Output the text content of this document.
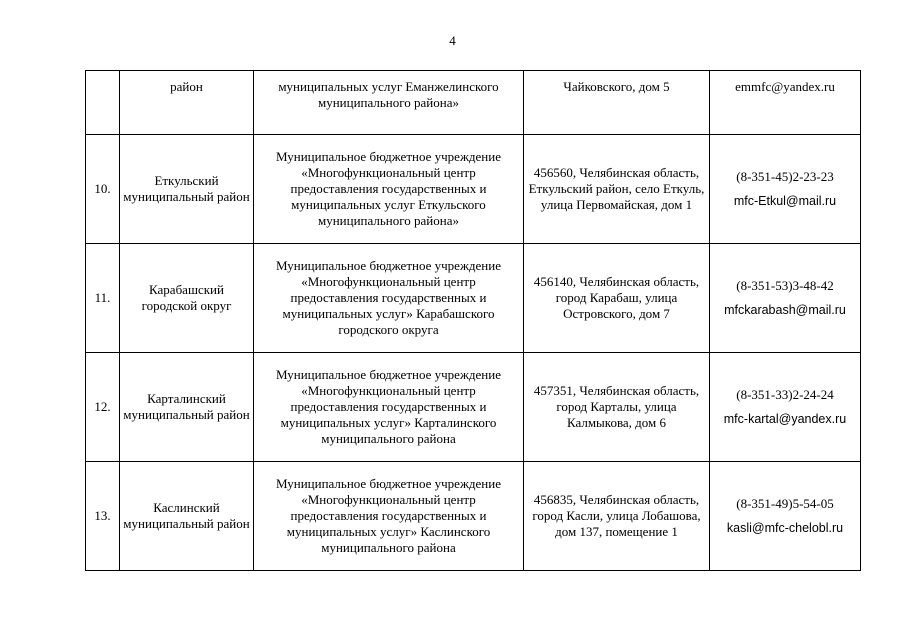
4
	район	муниципальных услуг Еманжелинского муниципального района»	Чайковского, дом 5	emmfc@yandex.ru

10.	Еткульский муниципальный район	Муниципальное бюджетное учреждение «Многофункциональный центр предоставления государственных и муниципальных услуг Еткульского муниципального района»	456560, Челябинская область, Еткульский район, село Еткуль, улица Первомайская, дом 1	(8-351-45)2-23-23
mfc-Etkul@mail.ru

11.	Карабашский городской округ	Муниципальное бюджетное учреждение «Многофункциональный центр предоставления государственных и муниципальных услуг» Карабашского городского округа	456140, Челябинская область, город Карабаш, улица Островского, дом 7	(8-351-53)3-48-42
mfckarabash@mail.ru

12.	Карталинский муниципальный район	Муниципальное бюджетное учреждение «Многофункциональный центр предоставления государственных и муниципальных услуг» Карталинского муниципального района	457351, Челябинская область, город Карталы, улица Калмыкова, дом 6	(8-351-33)2-24-24
mfc-kartal@yandex.ru

13.	Каслинский муниципальный район	Муниципальное бюджетное учреждение «Многофункциональный центр предоставления государственных и муниципальных услуг» Каслинского муниципального района	456835, Челябинская область, город Касли, улица Лобашова, дом 137, помещение 1	(8-351-49)5-54-05
kasli@mfc-chelobl.ru
